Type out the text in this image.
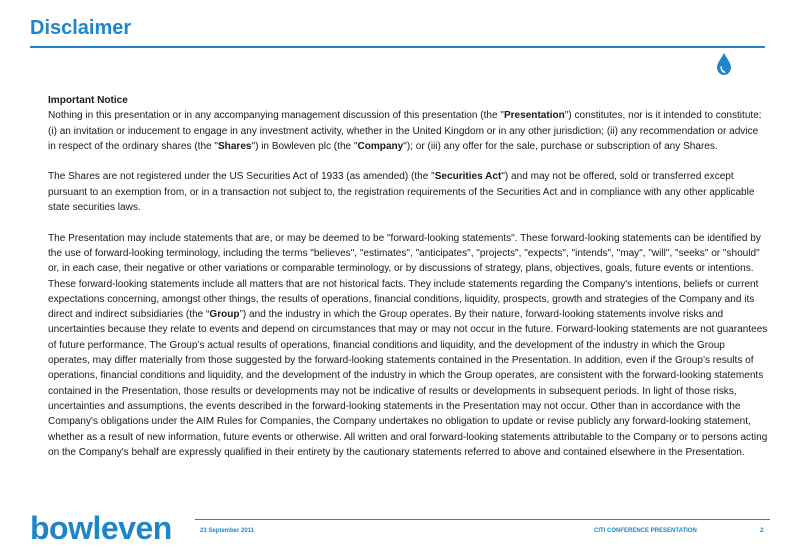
Disclaimer
Important Notice

Nothing in this presentation or in any accompanying management discussion of this presentation (the "Presentation") constitutes, nor is it intended to constitute: (i) an invitation or inducement to engage in any investment activity, whether in the United Kingdom or in any other jurisdiction; (ii) any recommendation or advice in respect of the ordinary shares (the "Shares") in Bowleven plc (the "Company"); or (iii) any offer for the sale, purchase or subscription of any Shares.

The Shares are not registered under the US Securities Act of 1933 (as amended) (the "Securities Act") and may not be offered, sold or transferred except pursuant to an exemption from, or in a transaction not subject to, the registration requirements of the Securities Act and in compliance with any other applicable state securities laws.

The Presentation may include statements that are, or may be deemed to be "forward-looking statements". These forward-looking statements can be identified by the use of forward-looking terminology, including the terms "believes", "estimates", "anticipates", "projects", "expects", "intends", "may", "will", "seeks" or "should" or, in each case, their negative or other variations or comparable terminology, or by discussions of strategy, plans, objectives, goals, future events or intentions. These forward-looking statements include all matters that are not historical facts. They include statements regarding the Company's intentions, beliefs or current expectations concerning, amongst other things, the results of operations, financial conditions, liquidity, prospects, growth and strategies of the Company and its direct and indirect subsidiaries (the “Group”) and the industry in which the Group operates. By their nature, forward-looking statements involve risks and uncertainties because they relate to events and depend on circumstances that may or may not occur in the future. Forward-looking statements are not guarantees of future performance. The Group’s actual results of operations, financial conditions and liquidity, and the development of the industry in which the Group operates, may differ materially from those suggested by the forward-looking statements contained in the Presentation. In addition, even if the Group’s results of operations, financial conditions and liquidity, and the development of the industry in which the Group operates, are consistent with the forward-looking statements contained in the Presentation, those results or developments may not be indicative of results or developments in subsequent periods. In light of those risks, uncertainties and assumptions, the events described in the forward-looking statements in the Presentation may not occur. Other than in accordance with the Company's obligations under the AIM Rules for Companies, the Company undertakes no obligation to update or revise publicly any forward-looking statement, whether as a result of new information, future events or otherwise. All written and oral forward-looking statements attributable to the Company or to persons acting on the Company's behalf are expressly qualified in their entirety by the cautionary statements referred to above and contained elsewhere in the Presentation.

bowleven	23 September 2011	CITI CONFERENCE PRESENTATION	2
